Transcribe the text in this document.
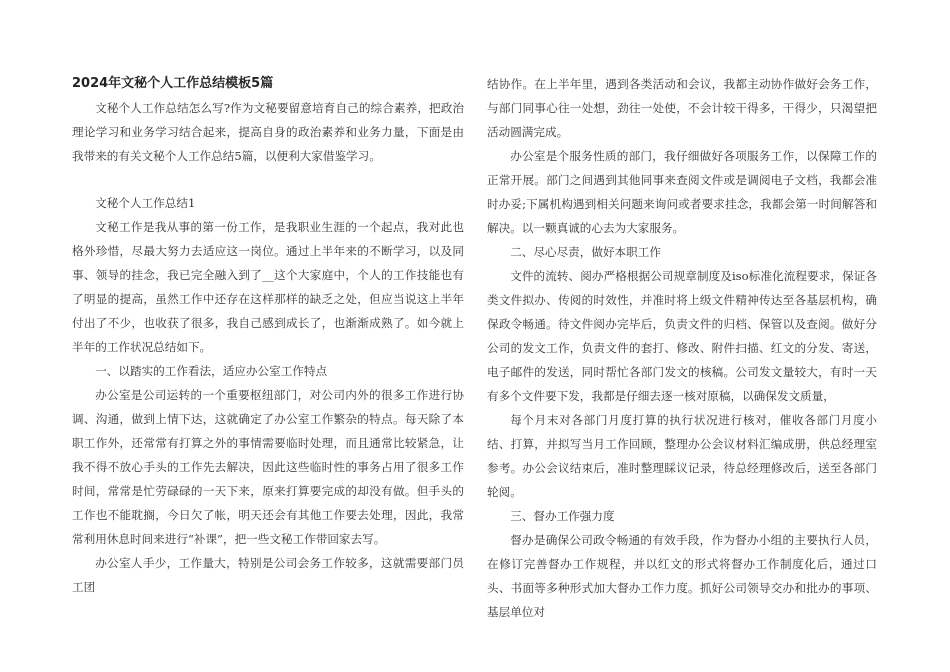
2024年文秘个人工作总结模板5篇

文秘个人工作总结怎么写?作为文秘要留意培育自己的综合素养，把政治理论学习和业务学习结合起来，提高自身的政治素养和业务力量，下面是由我带来的有关文秘个人工作总结5篇，以便利大家借鉴学习。

文秘个人工作总结1

文秘工作是我从事的第一份工作，是我职业生涯的一个起点，我对此也格外珍惜，尽最大努力去适应这一岗位。通过上半年来的不断学习，以及同事、领导的挂念，我已完全融入到了__这个大家庭中，个人的工作技能也有了明显的提高，虽然工作中还存在这样那样的缺乏之处，但应当说这上半年付出了不少，也收获了很多，我自己感到成长了，也渐渐成熟了。如今就上半年的工作状况总结如下。

一、以踏实的工作看法，适应办公室工作特点

办公室是公司运转的一个重要枢纽部门，对公司内外的很多工作进行协调、沟通，做到上情下达，这就确定了办公室工作繁杂的特点。每天除了本职工作外，还常常有打算之外的事情需要临时处理，而且通常比较紧急，让我不得不放心手头的工作先去解决，因此这些临时性的事务占用了很多工作时间，常常是忙劳碌碌的一天下来，原来打算要完成的却没有做。但手头的工作也不能耽搁，今日欠了帐，明天还会有其他工作要去处理，因此，我常常利用休息时间来进行“补课”，把一些文秘工作带回家去写。

办公室人手少，工作量大，特别是公司会务工作较多，这就需要部门员工团

结协作。在上半年里，遇到各类活动和会议，我都主动协作做好会务工作，与部门同事心往一处想，劲往一处使，不会计较干得多，干得少，只渴望把活动圆满完成。

办公室是个服务性质的部门，我仔细做好各项服务工作，以保障工作的正常开展。部门之间遇到其他同事来查阅文件或是调阅电子文档，我都会准时办妥;下属机构遇到相关问题来询问或者要求挂念，我都会第一时间解答和解决。以一颗真诚的心去为大家服务。

二、尽心尽责，做好本职工作

文件的流转、阅办严格根据公司规章制度及iso标准化流程要求，保证各类文件拟办、传阅的时效性，并准时将上级文件精神传达至各基层机构，确保政令畅通。待文件阅办完毕后，负责文件的归档、保管以及查阅。做好分公司的发文工作，负责文件的套打、修改、附件扫描、红文的分发、寄送，电子邮件的发送，同时帮忙各部门发文的核稿。公司发文量较大，有时一天有多个文件要下发，我都是仔细去逐一核对原稿，以确保发文质量，

每个月末对各部门月度打算的执行状况进行核对，催收各部门月度小结、打算，并拟写当月工作回顾，整理办公会议材料汇编成册，供总经理室参考。办公会议结束后，准时整理睬议记录，待总经理修改后，送至各部门轮阅。

三、督办工作强力度

督办是确保公司政令畅通的有效手段，作为督办小组的主要执行人员，在修订完善督办工作规程，并以红文的形式将督办工作制度化后，通过口头、书面等多种形式加大督办工作力度。抓好公司领导交办和批办的事项、基层单位对
